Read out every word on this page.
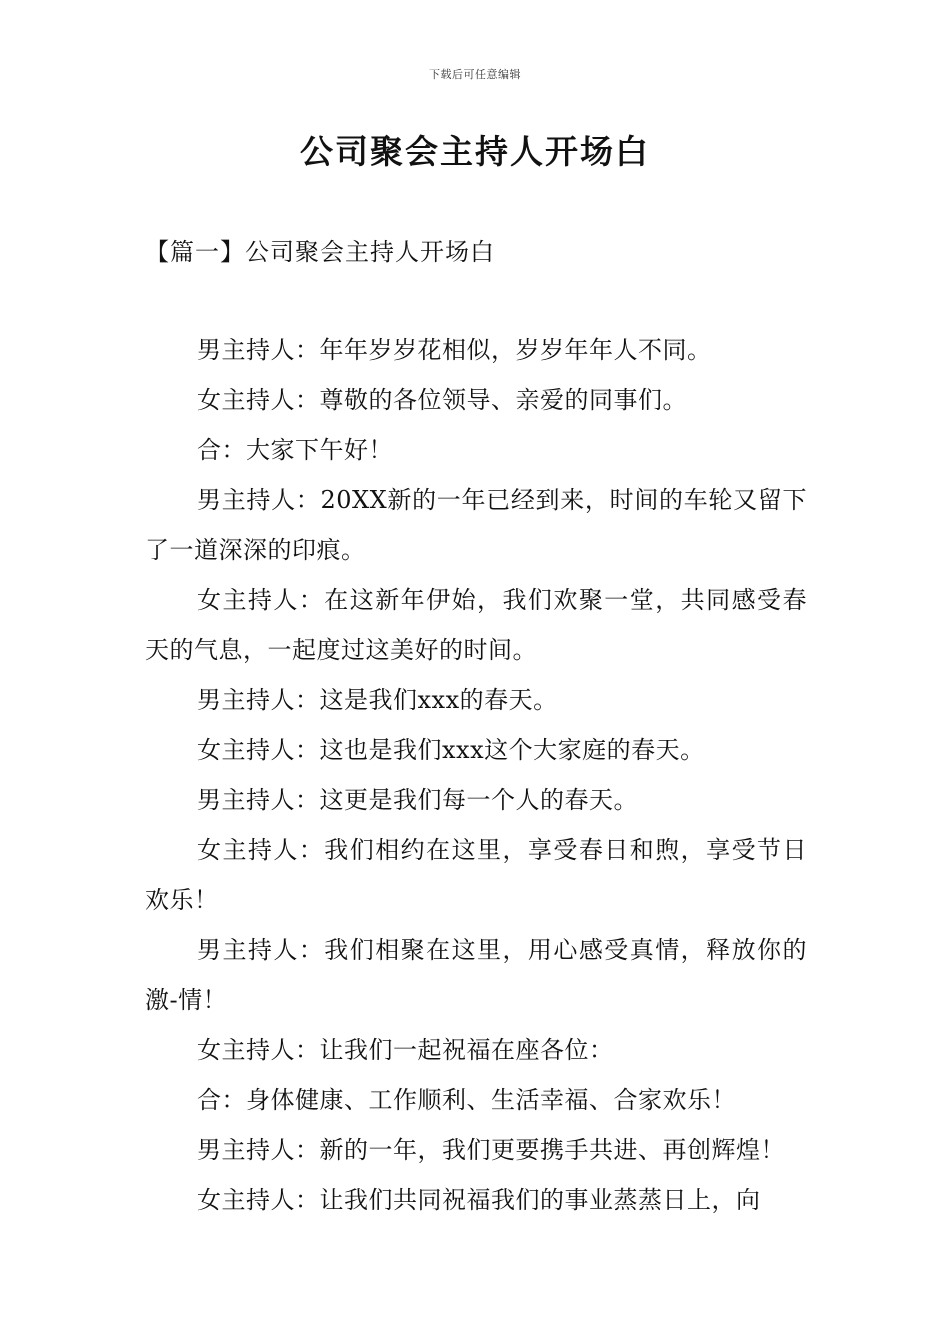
下载后可任意编辑
公司聚会主持人开场白
【篇一】公司聚会主持人开场白

男主持人：年年岁岁花相似，岁岁年年人不同。

女主持人：尊敬的各位领导、亲爱的同事们。

合：大家下午好！

男主持人：20XX新的一年已经到来，时间的车轮又留下了一道深深的印痕。

女主持人：在这新年伊始，我们欢聚一堂，共同感受春天的气息，一起度过这美好的时间。

男主持人：这是我们xxx的春天。

女主持人：这也是我们xxx这个大家庭的春天。

男主持人：这更是我们每一个人的春天。

女主持人：我们相约在这里，享受春日和煦，享受节日欢乐！

男主持人：我们相聚在这里，用心感受真情，释放你的激-情！

女主持人：让我们一起祝福在座各位：

合：身体健康、工作顺利、生活幸福、合家欢乐！

男主持人：新的一年，我们更要携手共进、再创辉煌！

女主持人：让我们共同祝福我们的事业蒸蒸日上，向
